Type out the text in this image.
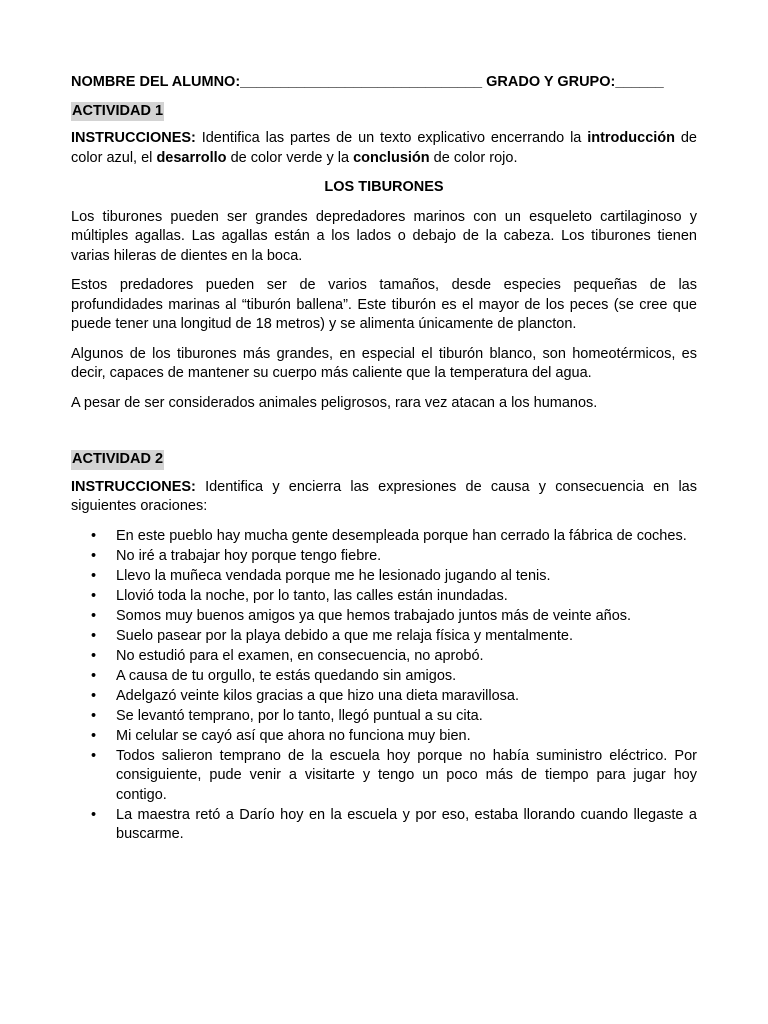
NOMBRE DEL ALUMNO:______________________________ GRADO Y GRUPO:______
ACTIVIDAD 1

INSTRUCCIONES: Identifica las partes de un texto explicativo encerrando la introducción de color azul, el desarrollo de color verde y la conclusión de color rojo.

LOS TIBURONES

Los tiburones pueden ser grandes depredadores marinos con un esqueleto cartilaginoso y múltiples agallas. Las agallas están a los lados o debajo de la cabeza. Los tiburones tienen varias hileras de dientes en la boca.

Estos predadores pueden ser de varios tamaños, desde especies pequeñas de las profundidades marinas al “tiburón ballena”. Este tiburón es el mayor de los peces (se cree que puede tener una longitud de 18 metros) y se alimenta únicamente de plancton.

Algunos de los tiburones más grandes, en especial el tiburón blanco, son homeotérmicos, es decir, capaces de mantener su cuerpo más caliente que la temperatura del agua.

A pesar de ser considerados animales peligrosos, rara vez atacan a los humanos.

ACTIVIDAD 2

INSTRUCCIONES: Identifica y encierra las expresiones de causa y consecuencia en las siguientes oraciones:

• En este pueblo hay mucha gente desempleada porque han cerrado la fábrica de coches.
• No iré a trabajar hoy porque tengo fiebre.
• Llevo la muñeca vendada porque me he lesionado jugando al tenis.
• Llovió toda la noche, por lo tanto, las calles están inundadas.
• Somos muy buenos amigos ya que hemos trabajado juntos más de veinte años.
• Suelo pasear por la playa debido a que me relaja física y mentalmente.
• No estudió para el examen, en consecuencia, no aprobó.
• A causa de tu orgullo, te estás quedando sin amigos.
• Adelgazó veinte kilos gracias a que hizo una dieta maravillosa.
• Se levantó temprano, por lo tanto, llegó puntual a su cita.
• Mi celular se cayó así que ahora no funciona muy bien.
• Todos salieron temprano de la escuela hoy porque no había suministro eléctrico. Por consiguiente, pude venir a visitarte y tengo un poco más de tiempo para jugar hoy contigo.
• La maestra retó a Darío hoy en la escuela y por eso, estaba llorando cuando llegaste a buscarme.
